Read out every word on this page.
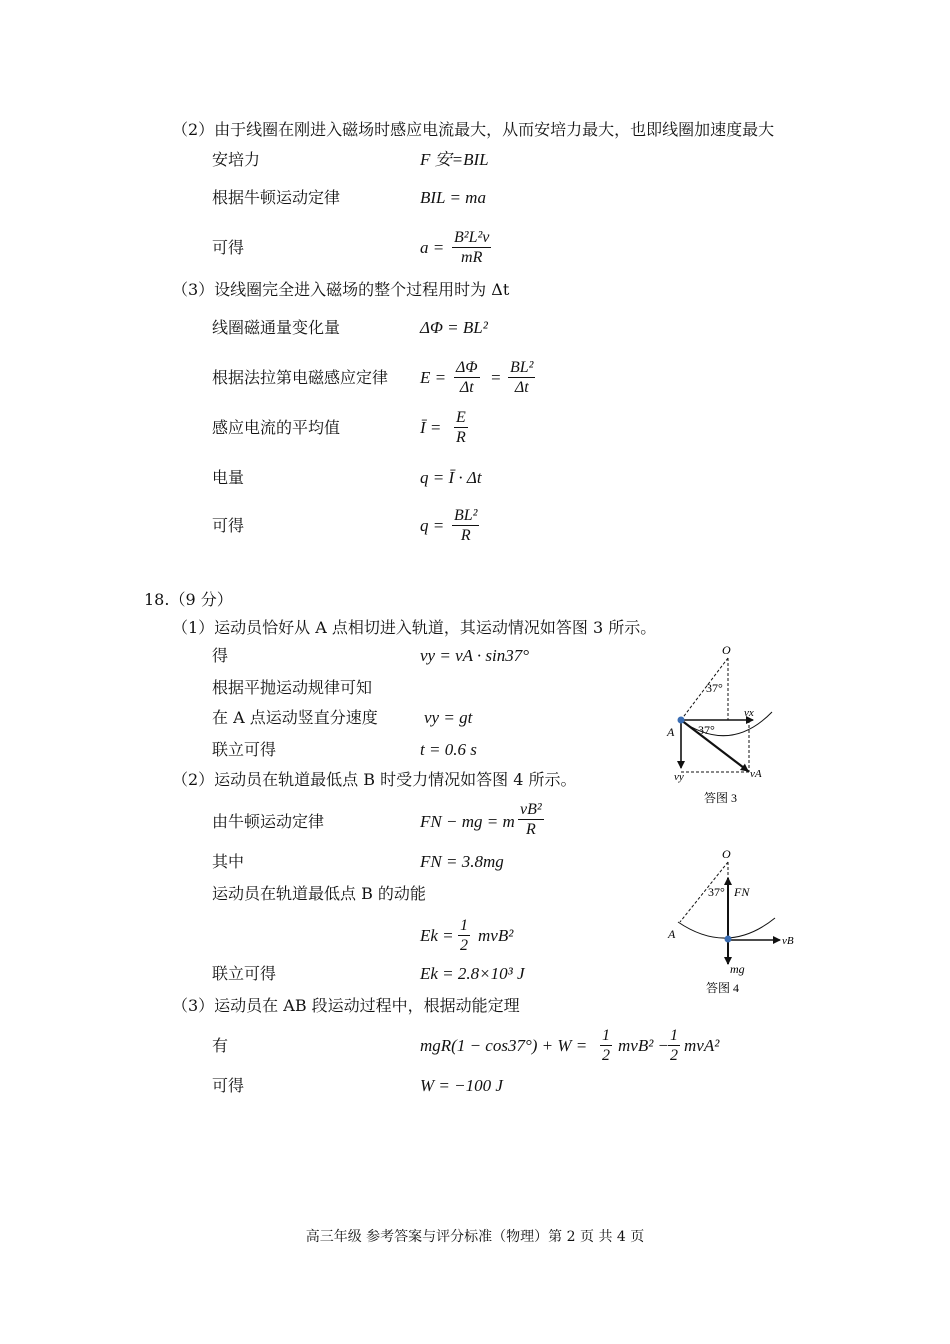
（2）由于线圈在刚进入磁场时感应电流最大，从而安培力最大，也即线圈加速度最大
安培力	F 安=BIL
根据牛顿运动定律	BIL = ma
可得	$a = \frac{\text{B²L²v}}{mR}$
（3）设线圈完全进入磁场的整个过程用时为 Δt
线圈磁通量变化量	ΔΦ = BL²
根据法拉第电磁感应定律 $E = \frac{\Delta\Phi}{\Delta t} = \frac{\text{BL²}}{\Delta t}$
感应电流的平均值	Ī = $\frac{E}{R}$
电量	q = Ī · Δt
可得	$q = \frac{\text{BL²}}{R}$
18.（9 分）
（1）运动员恰好从 A 点相切进入轨道，其运动情况如答图 3 所示。
得	vy = vA · sin37°
根据平抛运动规律可知
在 A 点运动竖直分速度	vy = gt
联立可得	t = 0.6 s
（2）运动员在轨道最低点 B 时受力情况如答图 4 所示。
由牛顿运动定律	FN − mg = m $\frac{\text{vB²}}{R}$
其中	FN = 3.8mg
运动员在轨道最低点 B 的动能
$Ek = \frac{1}{2} mvB^2$
联立可得	Ek = 2.8×10³ J
（3）运动员在 AB 段运动过程中，根据动能定理
有	$mgR(1 - \cos 37^\circ) + W = \frac{1}{2} mvB^2$ −
$\frac{1}{2} mvA^2$
可得	W = −100 J
O
37°
37°
A
vx
vy	vA
答图 3
O
37° FN
A	vB
mg
答图 4
高三年级 参考答案与评分标准（物理）第 2 页 共 4 页
